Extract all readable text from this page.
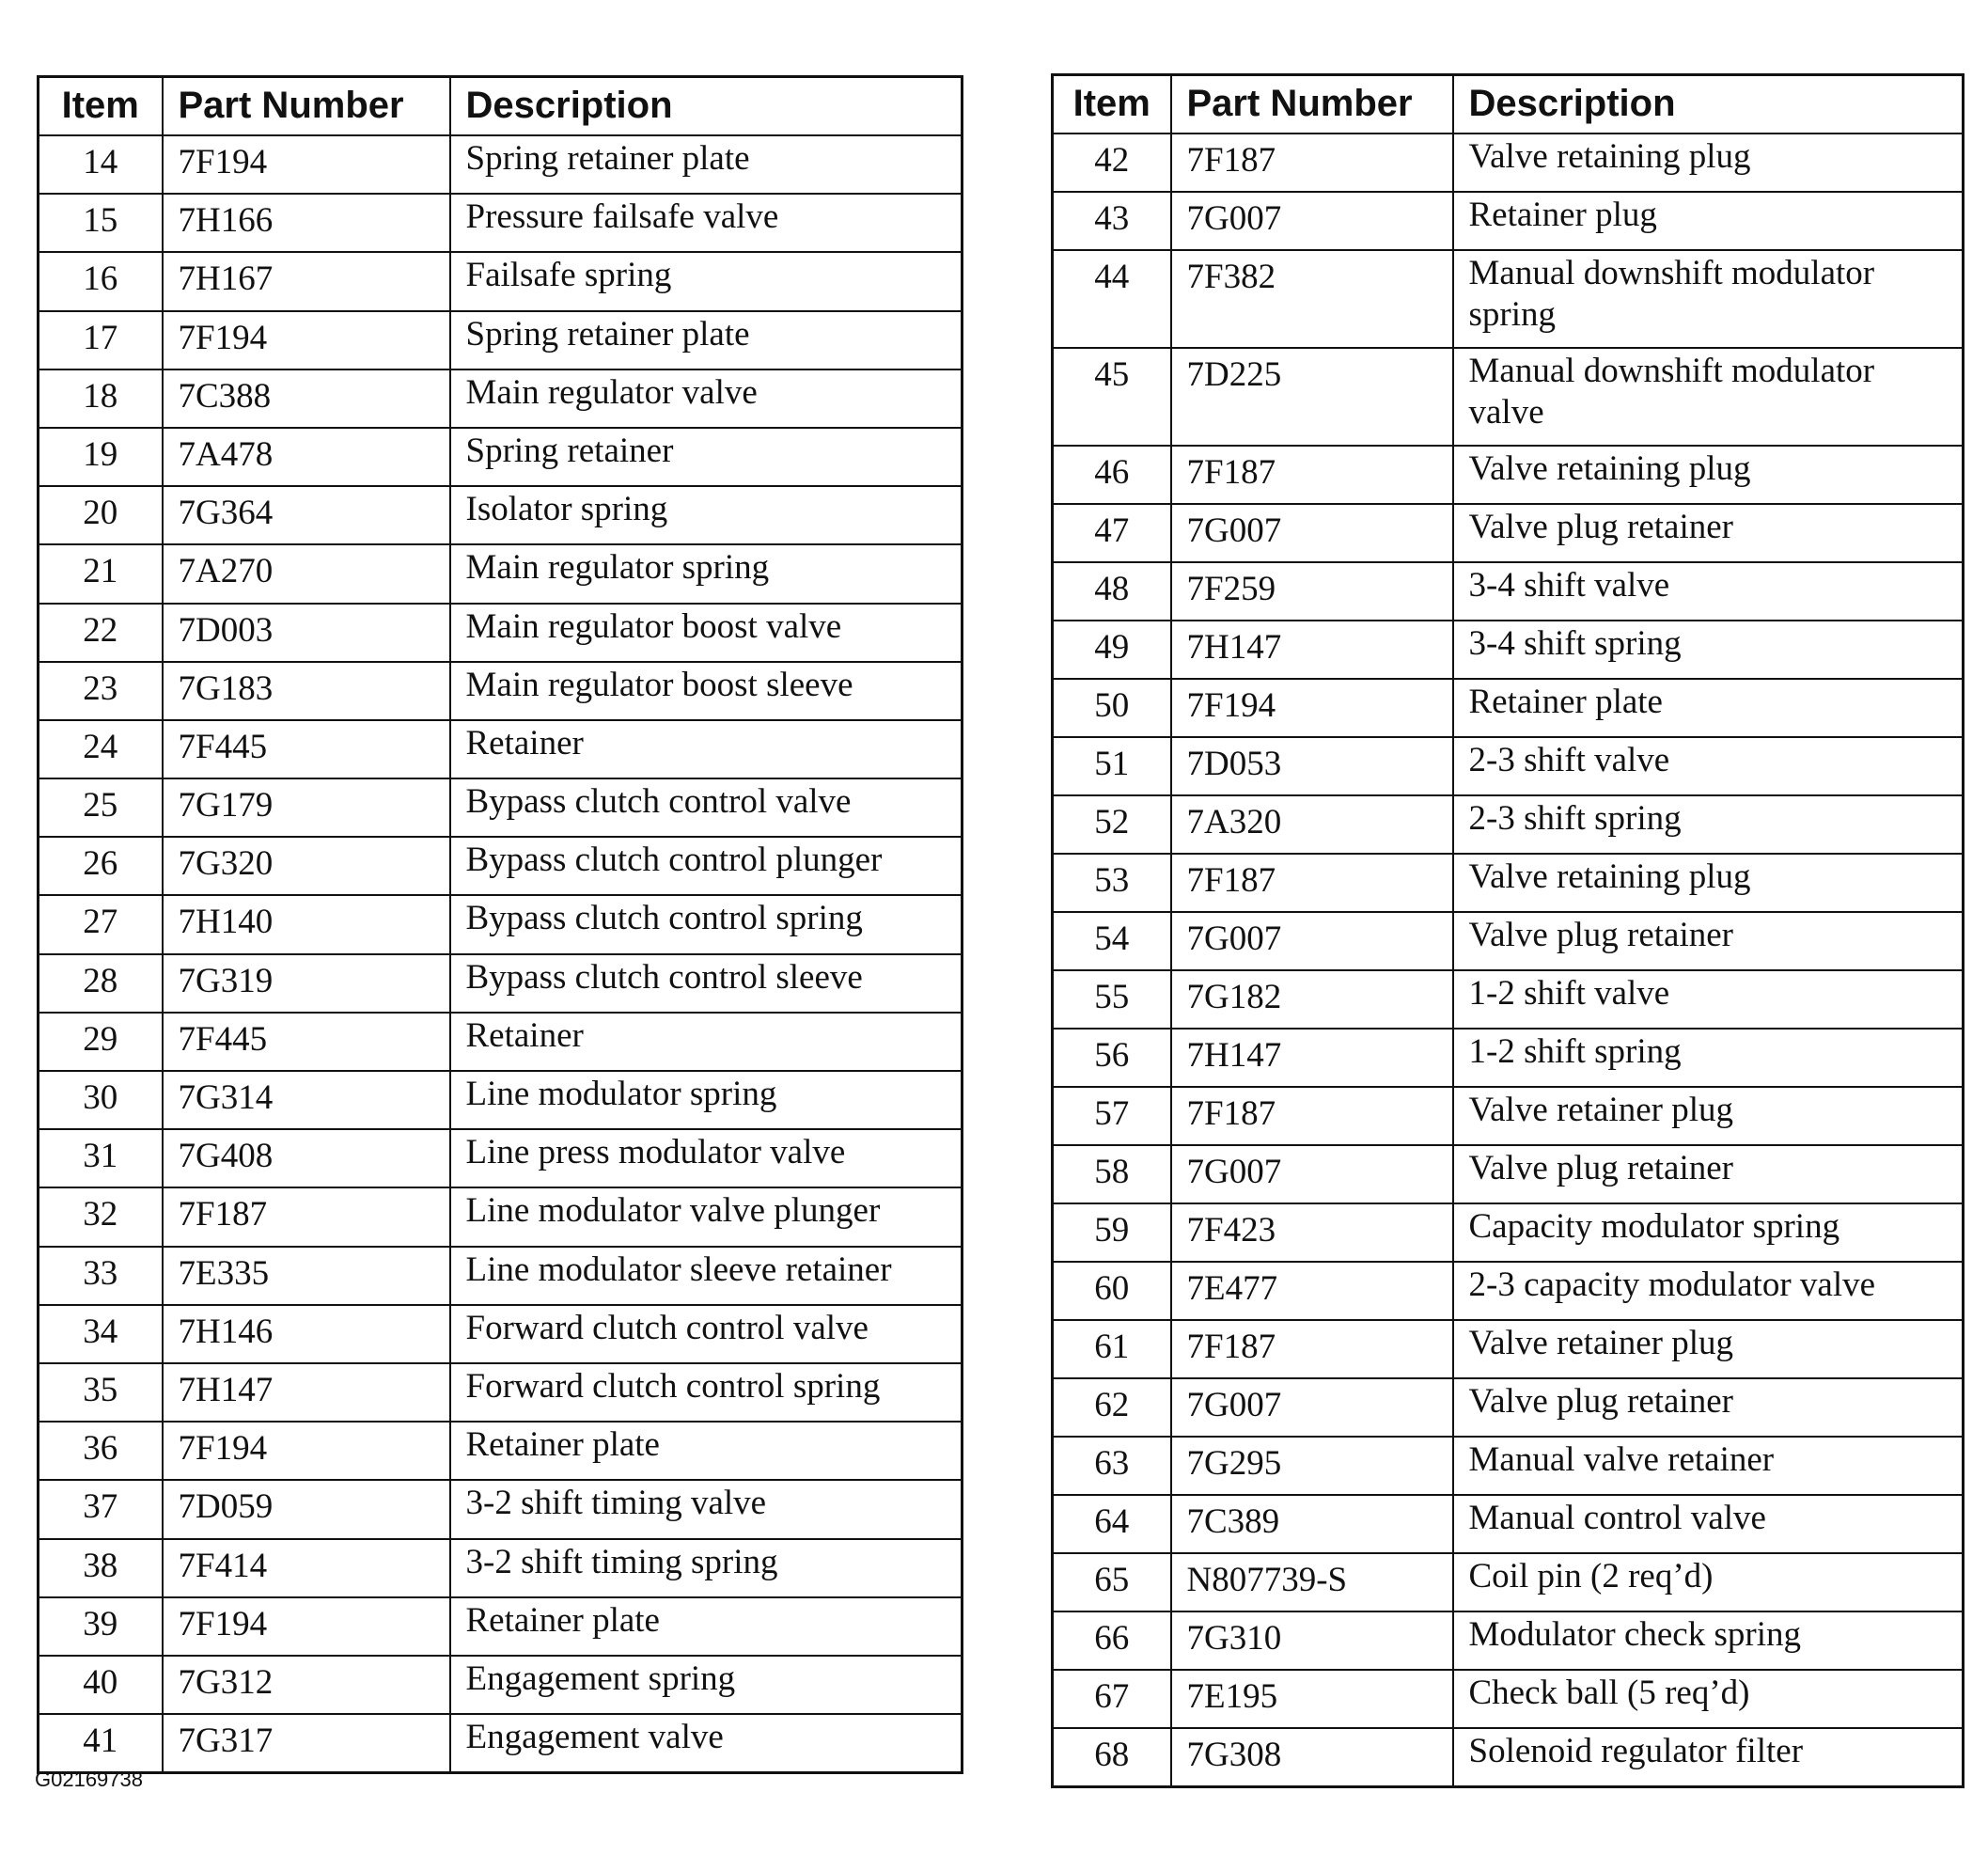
Item	Part Number	Description
14	7F194	Spring retainer plate
15	7H166	Pressure failsafe valve
16	7H167	Failsafe spring
17	7F194	Spring retainer plate
18	7C388	Main regulator valve
19	7A478	Spring retainer
20	7G364	Isolator spring
21	7A270	Main regulator spring
22	7D003	Main regulator boost valve
23	7G183	Main regulator boost sleeve
24	7F445	Retainer
25	7G179	Bypass clutch control valve
26	7G320	Bypass clutch control plunger
27	7H140	Bypass clutch control spring
28	7G319	Bypass clutch control sleeve
29	7F445	Retainer
30	7G314	Line modulator spring
31	7G408	Line press modulator valve
32	7F187	Line modulator valve plunger
33	7E335	Line modulator sleeve retainer
34	7H146	Forward clutch control valve
35	7H147	Forward clutch control spring
36	7F194	Retainer plate
37	7D059	3-2 shift timing valve
38	7F414	3-2 shift timing spring
39	7F194	Retainer plate
40	7G312	Engagement spring
41	7G317	Engagement valve
Item	Part Number	Description
42	7F187	Valve retaining plug
43	7G007	Retainer plug
44	7F382	Manual downshift modulator spring
45	7D225	Manual downshift modulator valve
46	7F187	Valve retaining plug
47	7G007	Valve plug retainer
48	7F259	3-4 shift valve
49	7H147	3-4 shift spring
50	7F194	Retainer plate
51	7D053	2-3 shift valve
52	7A320	2-3 shift spring
53	7F187	Valve retaining plug
54	7G007	Valve plug retainer
55	7G182	1-2 shift valve
56	7H147	1-2 shift spring
57	7F187	Valve retainer plug
58	7G007	Valve plug retainer
59	7F423	Capacity modulator spring
60	7E477	2-3 capacity modulator valve
61	7F187	Valve retainer plug
62	7G007	Valve plug retainer
63	7G295	Manual valve retainer
64	7C389	Manual control valve
65	N807739-S	Coil pin (2 req’d)
66	7G310	Modulator check spring
67	7E195	Check ball (5 req’d)
68	7G308	Solenoid regulator filter
G02169738
